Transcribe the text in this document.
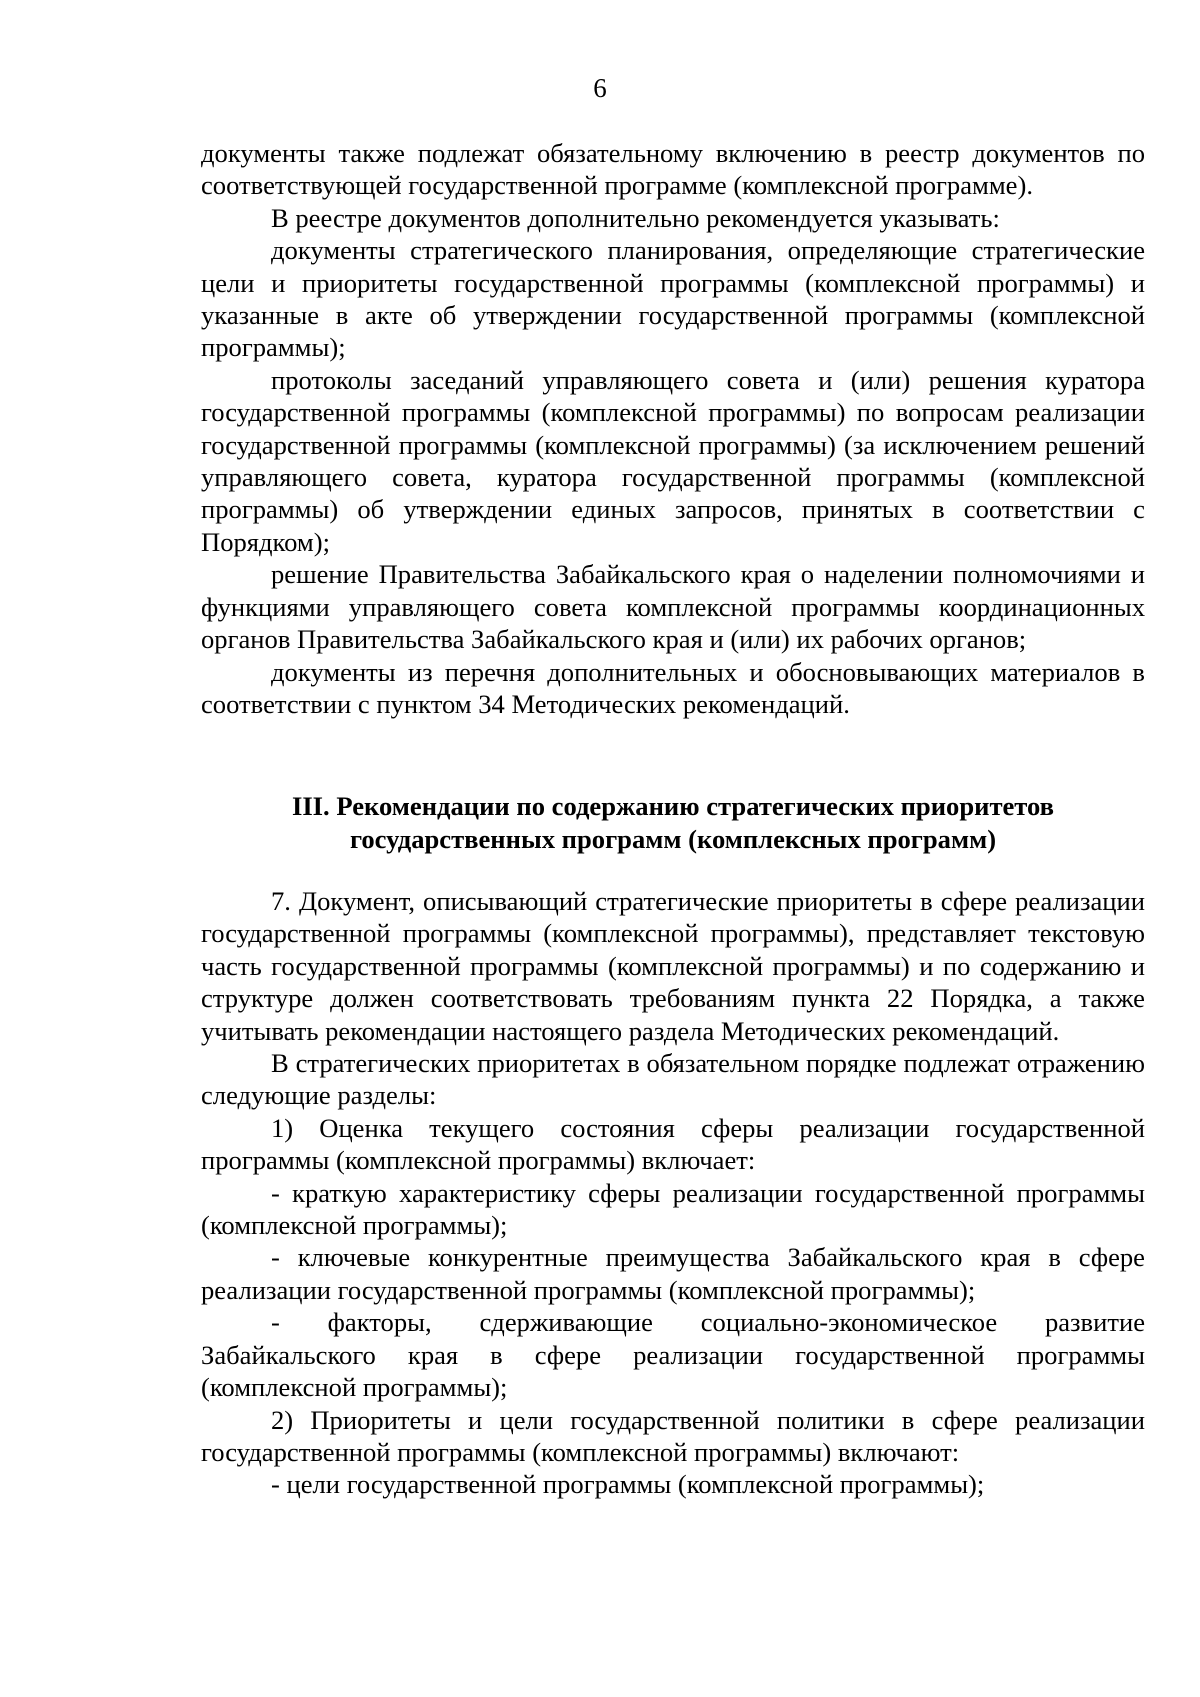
6

документы также подлежат обязательному включению в реестр документов по соответствующей государственной программе (комплексной программе).

В реестре документов дополнительно рекомендуется указывать:

документы стратегического планирования, определяющие стратегические цели и приоритеты государственной программы (комплексной программы) и указанные в акте об утверждении государственной программы (комплексной программы);

протоколы заседаний управляющего совета и (или) решения куратора государственной программы (комплексной программы) по вопросам реализации государственной программы (комплексной программы) (за исключением решений управляющего совета, куратора государственной программы (комплексной программы) об утверждении единых запросов, принятых в соответствии с Порядком);

решение Правительства Забайкальского края о наделении полномочиями и функциями управляющего совета комплексной программы координационных органов Правительства Забайкальского края и (или) их рабочих органов;

документы из перечня дополнительных и обосновывающих материалов в соответствии с пунктом 34 Методических рекомендаций.

III. Рекомендации по содержанию стратегических приоритетов
государственных программ (комплексных программ)

7. Документ, описывающий стратегические приоритеты в сфере реализации государственной программы (комплексной программы), представляет текстовую часть государственной программы (комплексной программы) и по содержанию и структуре должен соответствовать требованиям пункта 22 Порядка, а также учитывать рекомендации настоящего раздела Методических рекомендаций.

В стратегических приоритетах в обязательном порядке подлежат отражению следующие разделы:

1) Оценка текущего состояния сферы реализации государственной программы (комплексной программы) включает:

- краткую характеристику сферы реализации государственной программы (комплексной программы);

- ключевые конкурентные преимущества Забайкальского края в сфере реализации государственной программы (комплексной программы);

- факторы, сдерживающие социально-экономическое развитие Забайкальского края в сфере реализации государственной программы (комплексной программы);

2) Приоритеты и цели государственной политики в сфере реализации государственной программы (комплексной программы) включают:

- цели государственной программы (комплексной программы);
